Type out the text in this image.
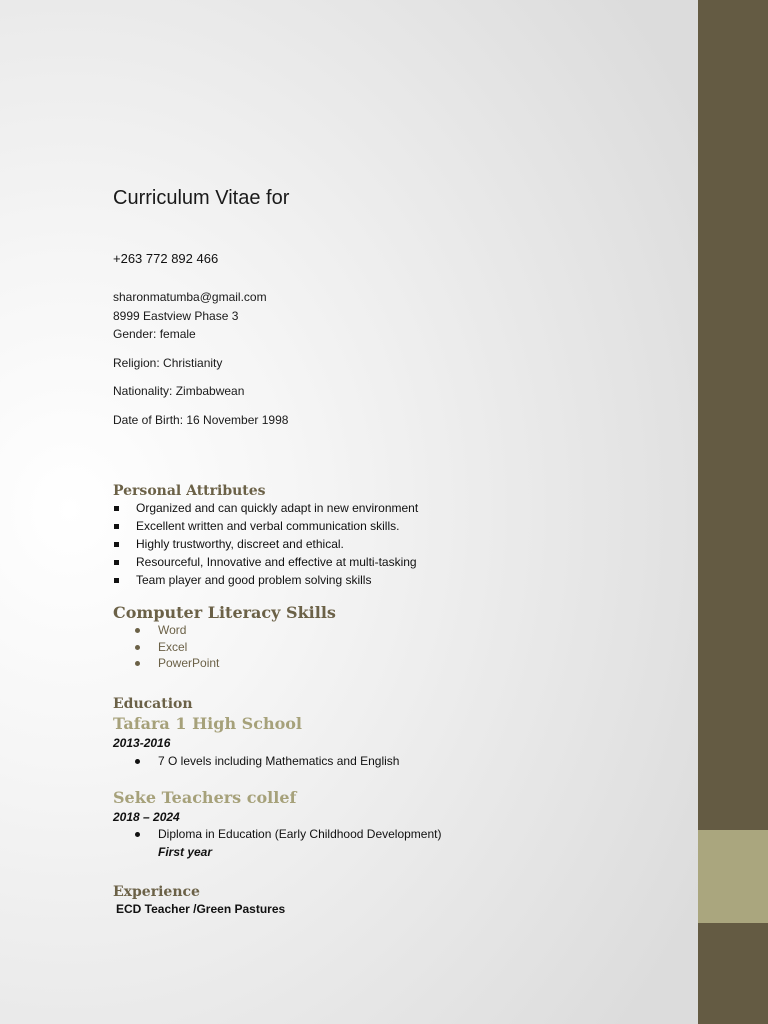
Curriculum Vitae for
+263 772 892 466
sharonmatumba@gmail.com
8999 Eastview Phase 3
Gender: female
Religion: Christianity
Nationality: Zimbabwean
Date of Birth: 16 November 1998
Personal Attributes
Organized and can quickly adapt in new environment
Excellent written and verbal communication skills.
Highly trustworthy, discreet and ethical.
Resourceful, Innovative and effective at multi-tasking
Team player and good problem solving skills
Computer Literacy Skills
Word
Excel
PowerPoint
Education
Tafara 1 High School
2013-2016
7 O levels including Mathematics and English
Seke Teachers collef
2018 – 2024
Diploma in Education (Early Childhood Development)
First year
Experience
ECD Teacher /Green Pastures
